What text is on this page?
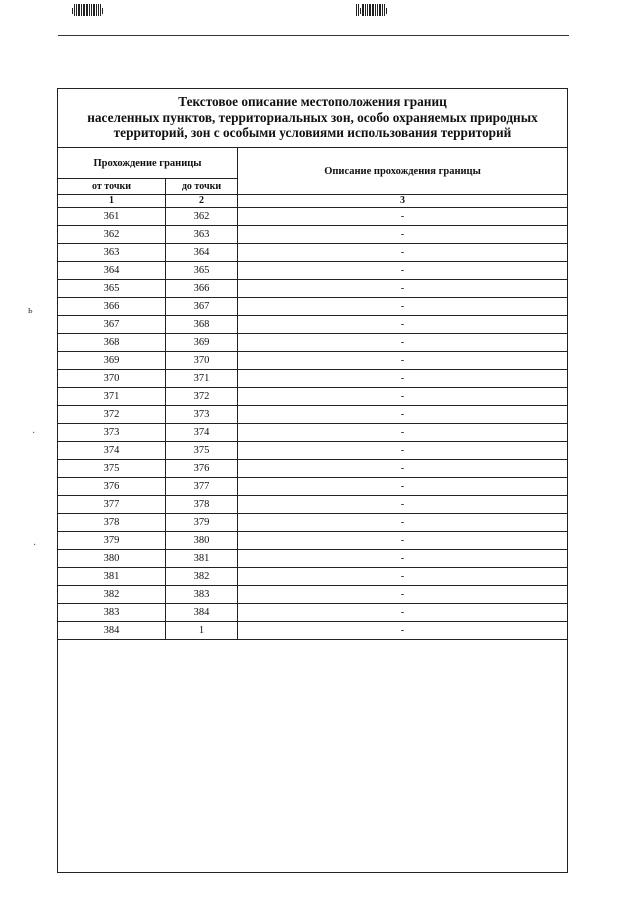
ь
·
·
Текстовое описание местоположения границ
населенных пунктов, территориальных зон, особо охраняемых природных
территорий, зон с особыми условиями использования территорий
Прохождение границы		Описание прохождения границы
от точки	до точки	
1	2	3
361	362	-
362	363	-
363	364	-
364	365	-
365	366	-
366	367	-
367	368	-
368	369	-
369	370	-
370	371	-
371	372	-
372	373	-
373	374	-
374	375	-
375	376	-
376	377	-
377	378	-
378	379	-
379	380	-
380	381	-
381	382	-
382	383	-
383	384	-
384	1	-
